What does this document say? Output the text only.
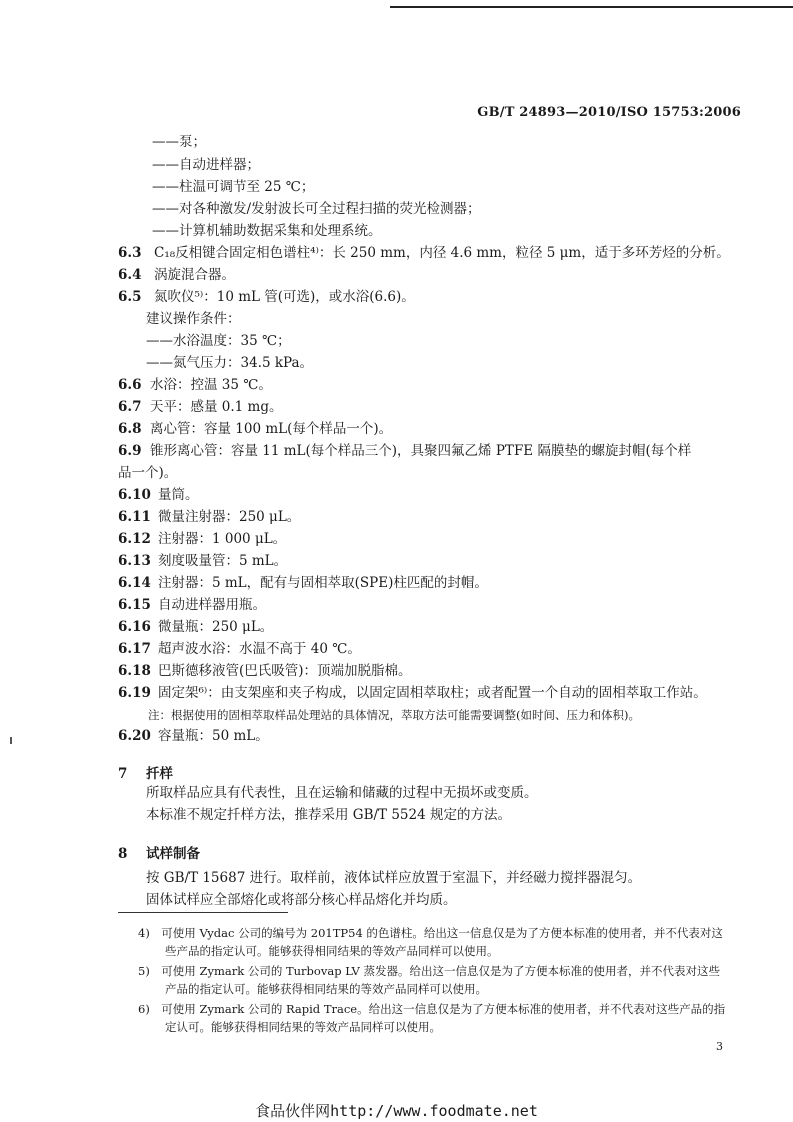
GB/T 24893—2010/ISO 15753:2006
——泵；
——自动进样器；
——柱温可调节至 25 ℃；
——对各种激发/发射波长可全过程扫描的荧光检测器；
——计算机辅助数据采集和处理系统。
6.3 C₁₈反相键合固定相色谱柱⁴⁾：长 250 mm，内径 4.6 mm，粒径 5 μm，适于多环芳烃的分析。
6.4 涡旋混合器。
6.5 氮吹仪⁵⁾：10 mL 管(可选)，或水浴(6.6)。
建议操作条件：
——水浴温度：35 ℃；
——氮气压力：34.5 kPa。
6.6 水浴：控温 35 ℃。
6.7 天平：感量 0.1 mg。
6.8 离心管：容量 100 mL(每个样品一个)。
6.9 锥形离心管：容量 11 mL(每个样品三个)，具聚四氟乙烯 PTFE 隔膜垫的螺旋封帽(每个样
品一个)。
6.10 量筒。
6.11 微量注射器：250 μL。
6.12 注射器：1 000 μL。
6.13 刻度吸量管：5 mL。
6.14 注射器：5 mL，配有与固相萃取(SPE)柱匹配的封帽。
6.15 自动进样器用瓶。
6.16 微量瓶：250 μL。
6.17 超声波水浴：水温不高于 40 ℃。
6.18 巴斯德移液管(巴氏吸管)：顶端加脱脂棉。
6.19 固定架⁶⁾：由支架座和夹子构成，以固定固相萃取柱；或者配置一个自动的固相萃取工作站。
注：根据使用的固相萃取样品处理站的具体情况，萃取方法可能需要调整(如时间、压力和体积)。
6.20 容量瓶：50 mL。
7 扦样
所取样品应具有代表性，且在运输和储藏的过程中无损坏或变质。
本标准不规定扦样方法，推荐采用 GB/T 5524 规定的方法。
8 试样制备
按 GB/T 15687 进行。取样前，液体试样应放置于室温下，并经磁力搅拌器混匀。
固体试样应全部熔化或将部分核心样品熔化并均质。
4)　可使用 Vydac 公司的编号为 201TP54 的色谱柱。给出这一信息仅是为了方便本标准的使用者，并不代表对这
些产品的指定认可。能够获得相同结果的等效产品同样可以使用。
5)　可使用 Zymark 公司的 Turbovap LV 蒸发器。给出这一信息仅是为了方便本标准的使用者，并不代表对这些
产品的指定认可。能够获得相同结果的等效产品同样可以使用。
6)　可使用 Zymark 公司的 Rapid Trace。给出这一信息仅是为了方便本标准的使用者，并不代表对这些产品的指
定认可。能够获得相同结果的等效产品同样可以使用。
3
食品伙伴网http://www.foodmate.net
